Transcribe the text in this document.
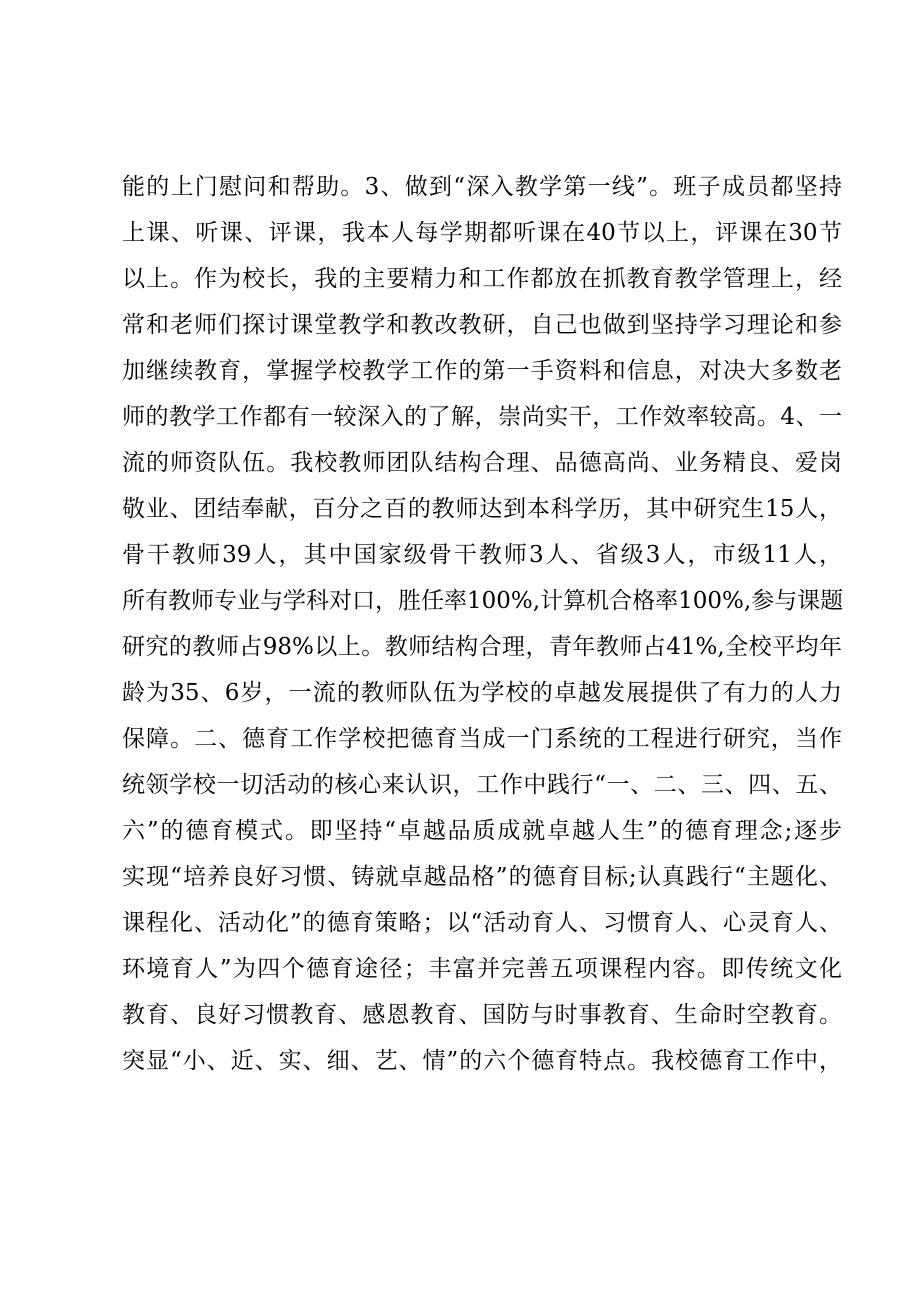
能的上门慰问和帮助。3、做到“深入教学第一线”。班子成员都坚持
上课、听课、评课，我本人每学期都听课在40节以上，评课在30节
以上。作为校长，我的主要精力和工作都放在抓教育教学管理上，经
常和老师们探讨课堂教学和教改教研，自己也做到坚持学习理论和参
加继续教育，掌握学校教学工作的第一手资料和信息，对决大多数老
师的教学工作都有一较深入的了解，崇尚实干，工作效率较高。4、一
流的师资队伍。我校教师团队结构合理、品德高尚、业务精良、爱岗
敬业、团结奉献，百分之百的教师达到本科学历，其中研究生15人，
骨干教师39人，其中国家级骨干教师3人、省级3人，市级11人，
所有教师专业与学科对口，胜任率100%,计算机合格率100%,参与课题
研究的教师占98%以上。教师结构合理，青年教师占41%,全校平均年
龄为35、6岁，一流的教师队伍为学校的卓越发展提供了有力的人力
保障。二、德育工作学校把德育当成一门系统的工程进行研究，当作
统领学校一切活动的核心来认识，工作中践行“一、二、三、四、五、
六”的德育模式。即坚持“卓越品质成就卓越人生”的德育理念;逐步
实现“培养良好习惯、铸就卓越品格”的德育目标;认真践行“主题化、
课程化、活动化”的德育策略；以“活动育人、习惯育人、心灵育人、
环境育人”为四个德育途径；丰富并完善五项课程内容。即传统文化
教育、良好习惯教育、感恩教育、国防与时事教育、生命时空教育。
突显“小、近、实、细、艺、情”的六个德育特点。我校德育工作中，
